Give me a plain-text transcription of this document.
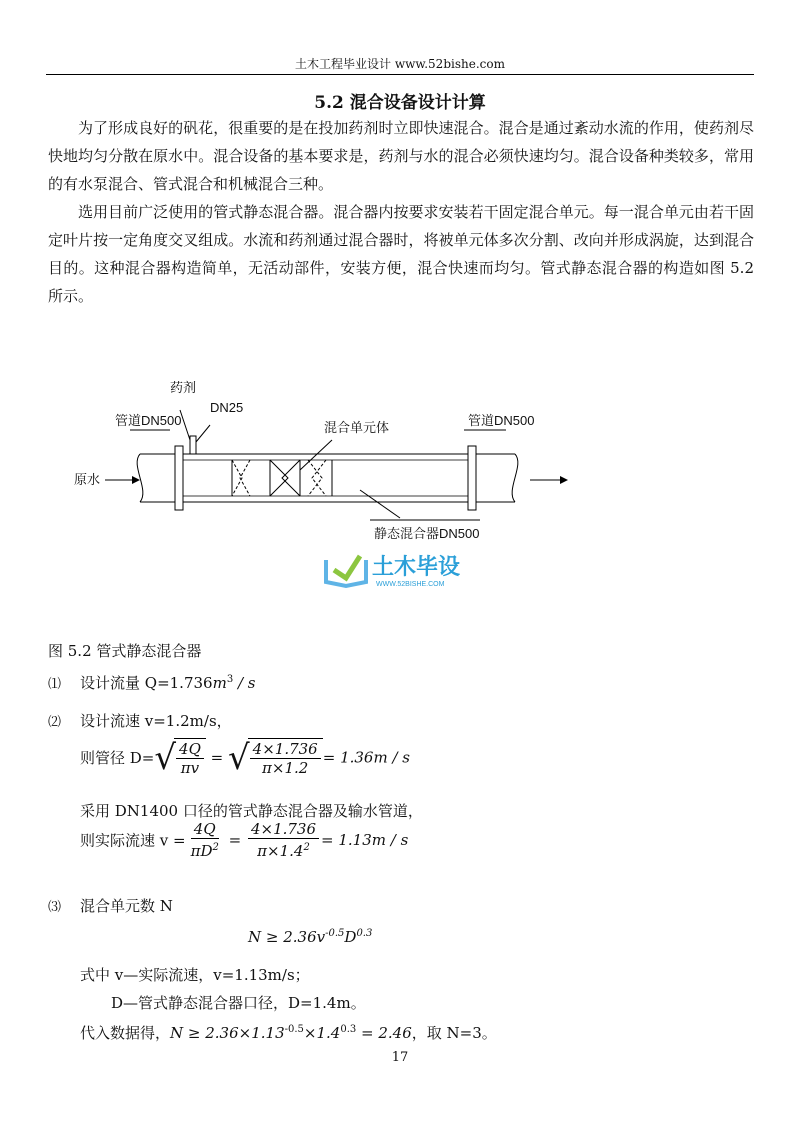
土木工程毕业设计 www.52bishe.com
5.2 混合设备设计计算

为了形成良好的矾花，很重要的是在投加药剂时立即快速混合。混合是通过紊动水流的作用，使药剂尽快地均匀分散在原水中。混合设备的基本要求是，药剂与水的混合必须快速均匀。混合设备种类较多，常用的有水泵混合、管式混合和机械混合三种。

选用目前广泛使用的管式静态混合器。混合器内按要求安装若干固定混合单元。每一混合单元由若干固定叶片按一定角度交叉组成。水流和药剂通过混合器时，将被单元体多次分割、改向并形成涡旋，达到混合目的。这种混合器构造简单，无活动部件，安装方便，混合快速而均匀。管式静态混合器的构造如图 5.2 所示。

药剂
DN25
管道DN500	管道DN500
混合单元体
原水
静态混合器DN500
土木毕设
WWW.52BISHE.COM
图 5.2 管式静态混合器
⑴ 设计流量 $Q=1.736m^3 / s$
⑵ 设计流速 v=1.2m/s，
则管径 D= √ $\frac{4Q}{\pi v}$ = √ $\frac{4\times 1.736}{\pi\times 1.2} = 1.36m / s$
采用 DN1400 口径的管式静态混合器及输水管道，
则实际流速 $v = \frac{4Q}{\pi D^2} = \frac{4\times 1.736}{\pi\times 1.4^2} = 1.13m / s$
⑶ 混合单元数 N
$N \ge 2.36v^{-0.5}D^{0.3}$
式中 v—实际流速，v=1.13m/s；
D—管式静态混合器口径，D=1.4m。
代入数据得，$N \ge 2.36\times 1.13^{-0.5}\times 1.4^{0.3} = 2.46$，取 N=3。
17
